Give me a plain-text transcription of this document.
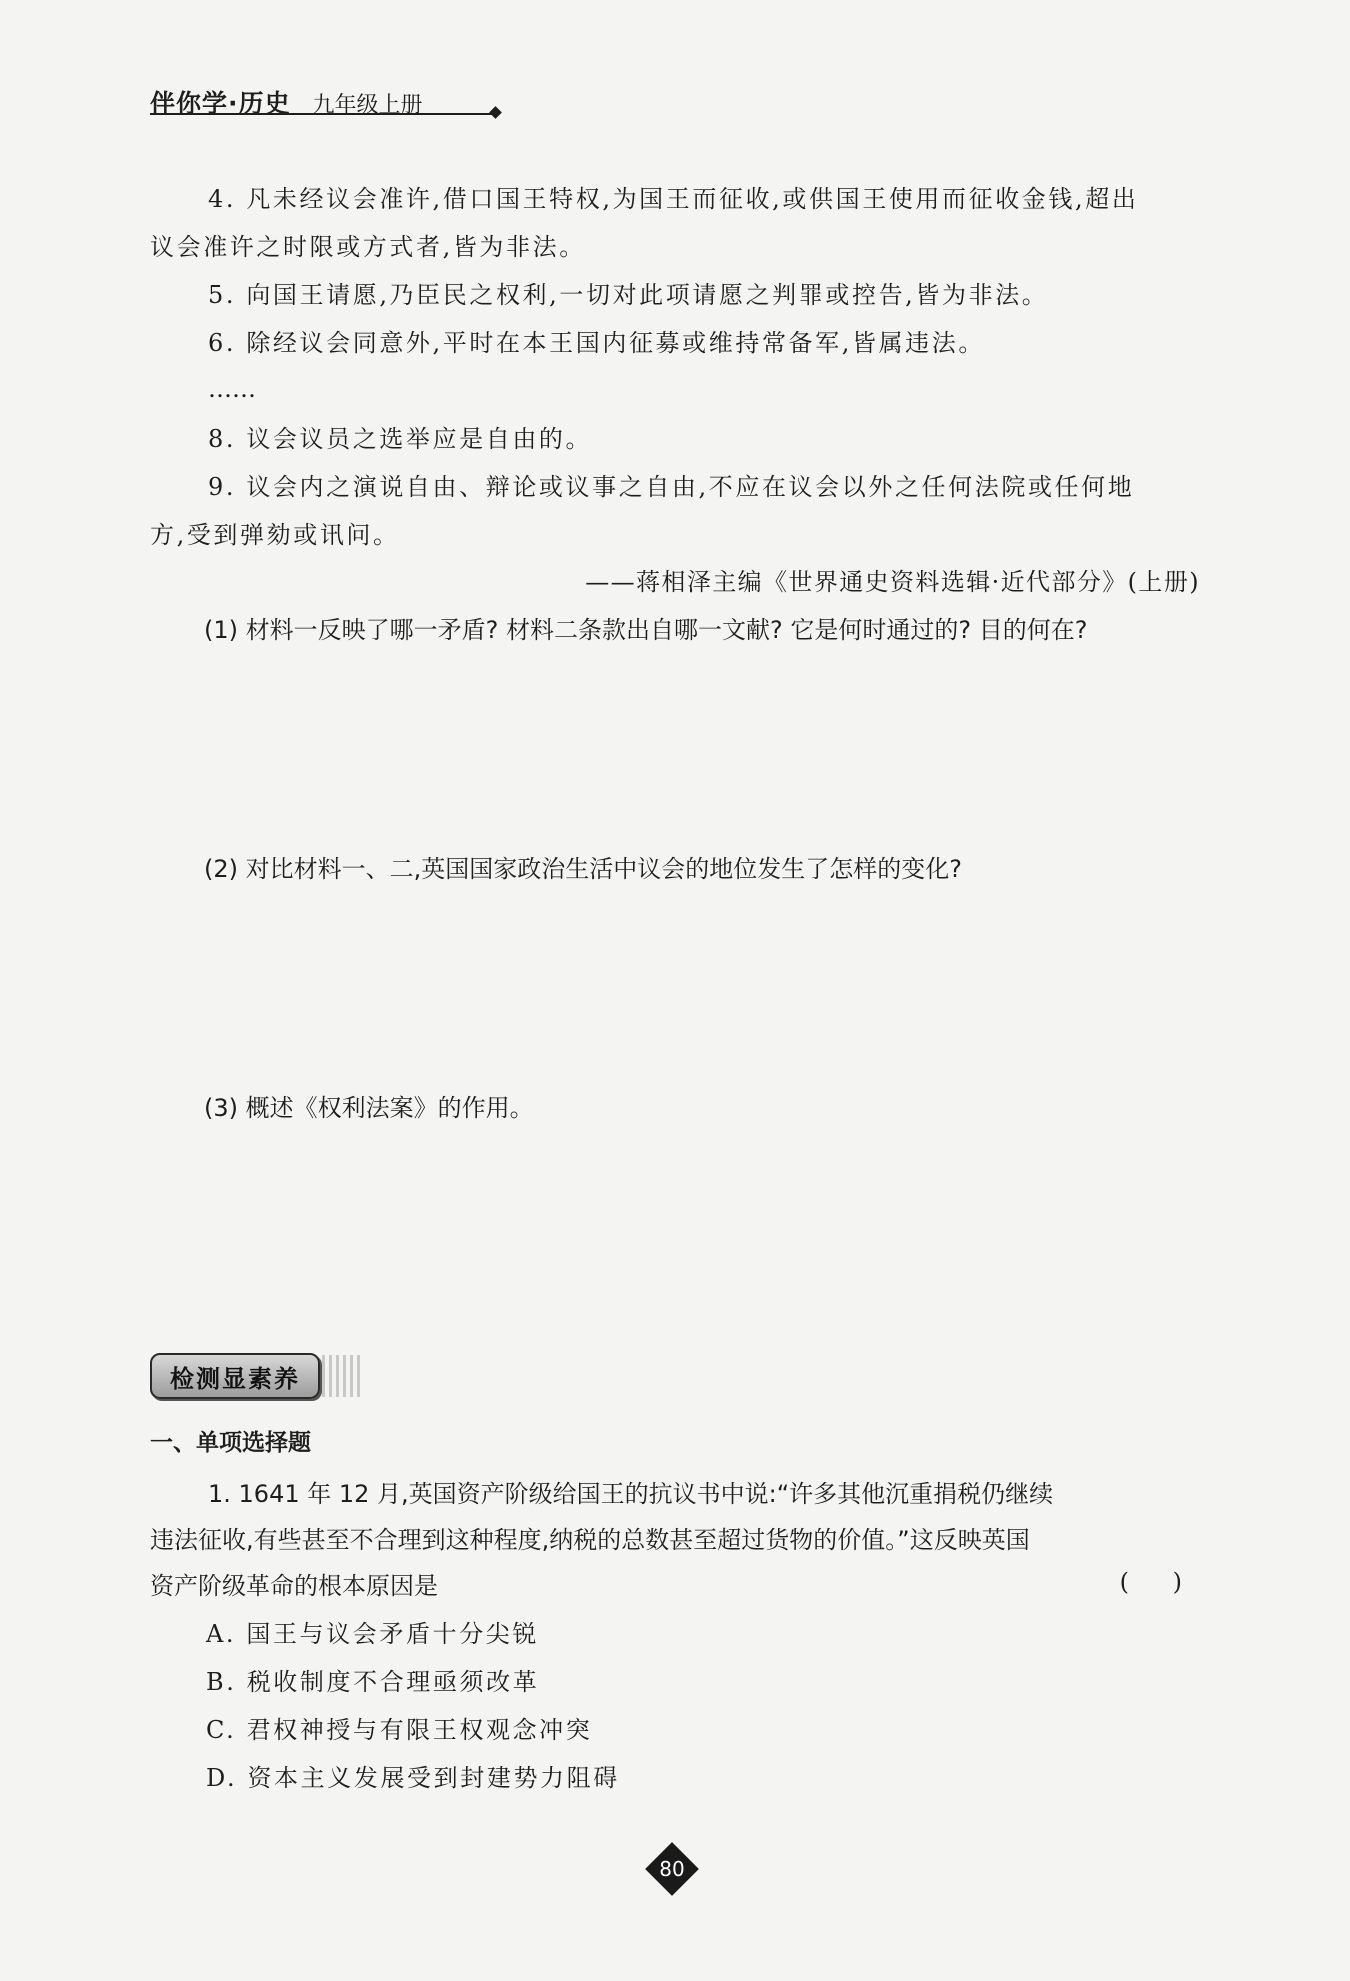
伴你学·历史 九年级上册
4. 凡未经议会准许,借口国王特权,为国王而征收,或供国王使用而征收金钱,超出
议会准许之时限或方式者,皆为非法。
5. 向国王请愿,乃臣民之权利,一切对此项请愿之判罪或控告,皆为非法。
6. 除经议会同意外,平时在本王国内征募或维持常备军,皆属违法。
……
8. 议会议员之选举应是自由的。
9. 议会内之演说自由、辩论或议事之自由,不应在议会以外之任何法院或任何地
方,受到弹劾或讯问。
——蒋相泽主编《世界通史资料选辑·近代部分》(上册)
(1) 材料一反映了哪一矛盾? 材料二条款出自哪一文献? 它是何时通过的? 目的何在?
(2) 对比材料一、二,英国国家政治生活中议会的地位发生了怎样的变化?
(3) 概述《权利法案》的作用。
检测显素养
一、单项选择题
1. 1641 年 12 月,英国资产阶级给国王的抗议书中说:“许多其他沉重捐税仍继续
违法征收,有些甚至不合理到这种程度,纳税的总数甚至超过货物的价值。”这反映英国
资产阶级革命的根本原因是	( )
A. 国王与议会矛盾十分尖锐
B. 税收制度不合理亟须改革
C. 君权神授与有限王权观念冲突
D. 资本主义发展受到封建势力阻碍
80
